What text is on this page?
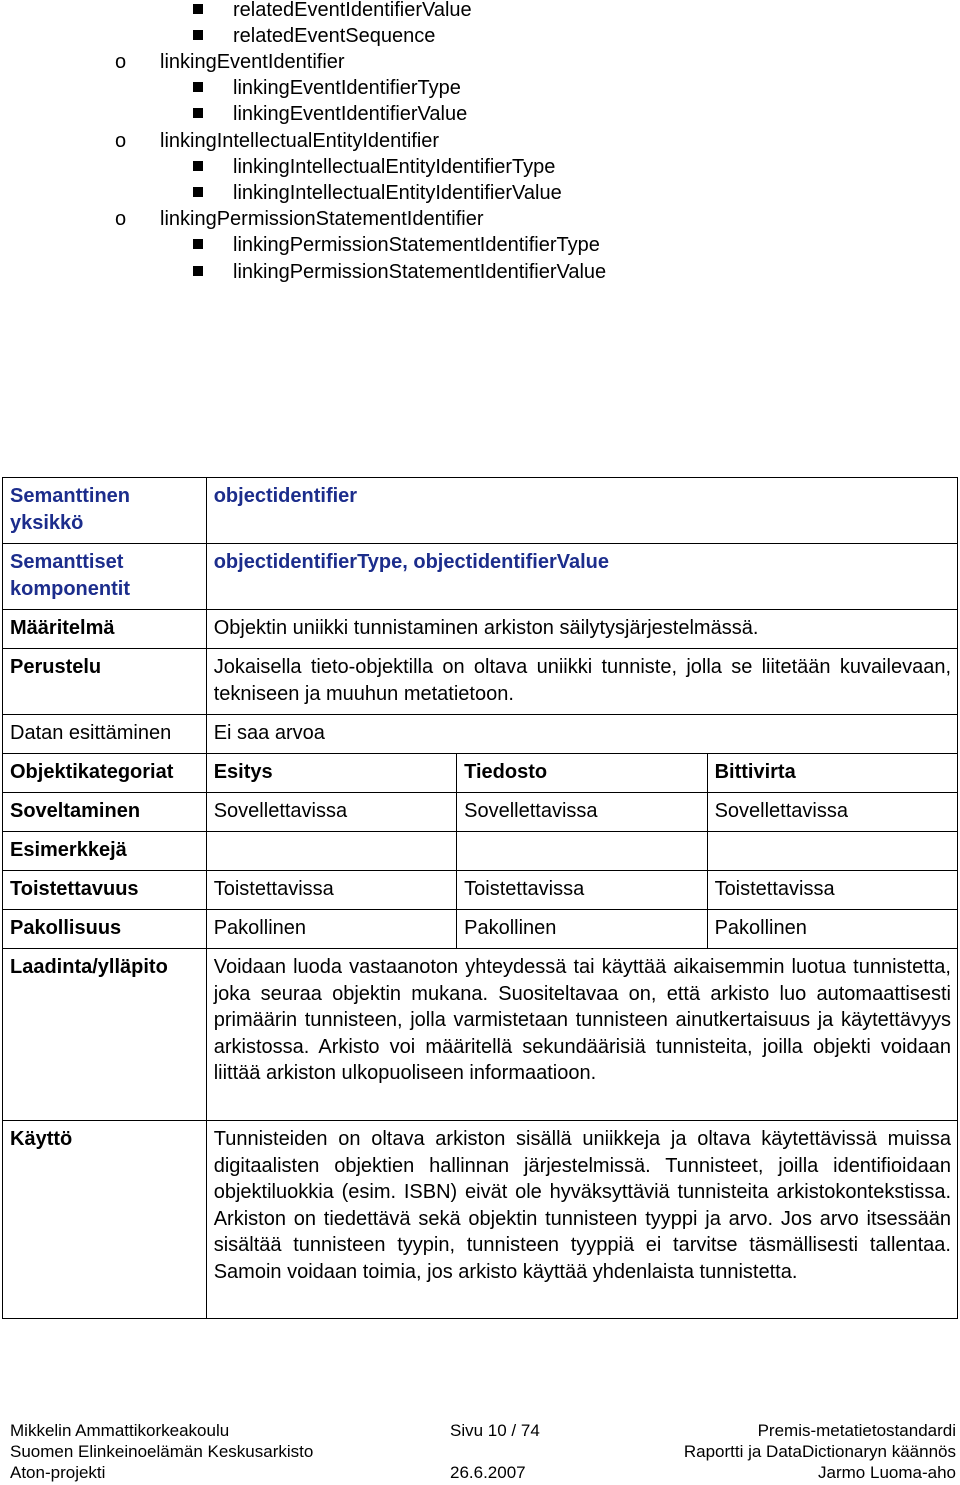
relatedEventIdentifierValue
relatedEventSequence
o	linkingEventIdentifier
linkingEventIdentifierType
linkingEventIdentifierValue
o	linkingIntellectualEntityIdentifier
linkingIntellectualEntityIdentifierType
linkingIntellectualEntityIdentifierValue
o	linkingPermissionStatementIdentifier
linkingPermissionStatementIdentifierType
linkingPermissionStatementIdentifierValue
Semanttinen yksikkö	objectidentifier		
Semanttiset komponentit	objectidentifierType, objectidentifierValue		
Määritelmä	Objektin uniikki tunnistaminen arkiston säilytysjärjestelmässä.		
Perustelu	Jokaisella tieto-objektilla on oltava uniikki tunniste, jolla se liitetään kuvailevaan, tekniseen ja muuhun metatietoon.		
Datan esittäminen	Ei saa arvoa		
Objektikategoriat	Esitys	Tiedosto	Bittivirta
Soveltaminen	Sovellettavissa	Sovellettavissa	Sovellettavissa
Esimerkkejä			
Toistettavuus	Toistettavissa	Toistettavissa	Toistettavissa
Pakollisuus	Pakollinen	Pakollinen	Pakollinen
Laadinta/ylläpito	Voidaan luoda vastaanoton yhteydessä tai käyttää aikaisemmin luotua tunnistetta, joka seuraa objektin mukana. Suositeltavaa on, että arkisto luo automaattisesti primäärin tunnisteen, jolla varmistetaan tunnisteen ainutkertaisuus ja käytettävyys arkistossa. Arkisto voi määritellä sekundäärisiä tunnisteita, joilla objekti voidaan liittää arkiston ulkopuoliseen informaatioon.		
Käyttö	Tunnisteiden on oltava arkiston sisällä uniikkeja ja oltava käytettävissä muissa digitaalisten objektien hallinnan järjestelmissä. Tunnisteet, joilla identifioidaan objektiluokkia (esim. ISBN) eivät ole hyväksyttäviä tunnisteita arkistokontekstissa. Arkiston on tiedettävä sekä objektin tunnisteen tyyppi ja arvo. Jos arvo itsessään sisältää tunnisteen tyypin, tunnisteen tyyppiä ei tarvitse täsmällisesti tallentaa. Samoin voidaan toimia, jos arkisto käyttää yhdenlaista tunnistetta.		
Mikkelin Ammattikorkeakoulu
Suomen Elinkeinoelämän Keskusarkisto
Aton-projekti
Sivu 10 / 74

26.6.2007
Premis-metatietostandardi
Raportti ja DataDictionaryn käännös
Jarmo Luoma-aho
